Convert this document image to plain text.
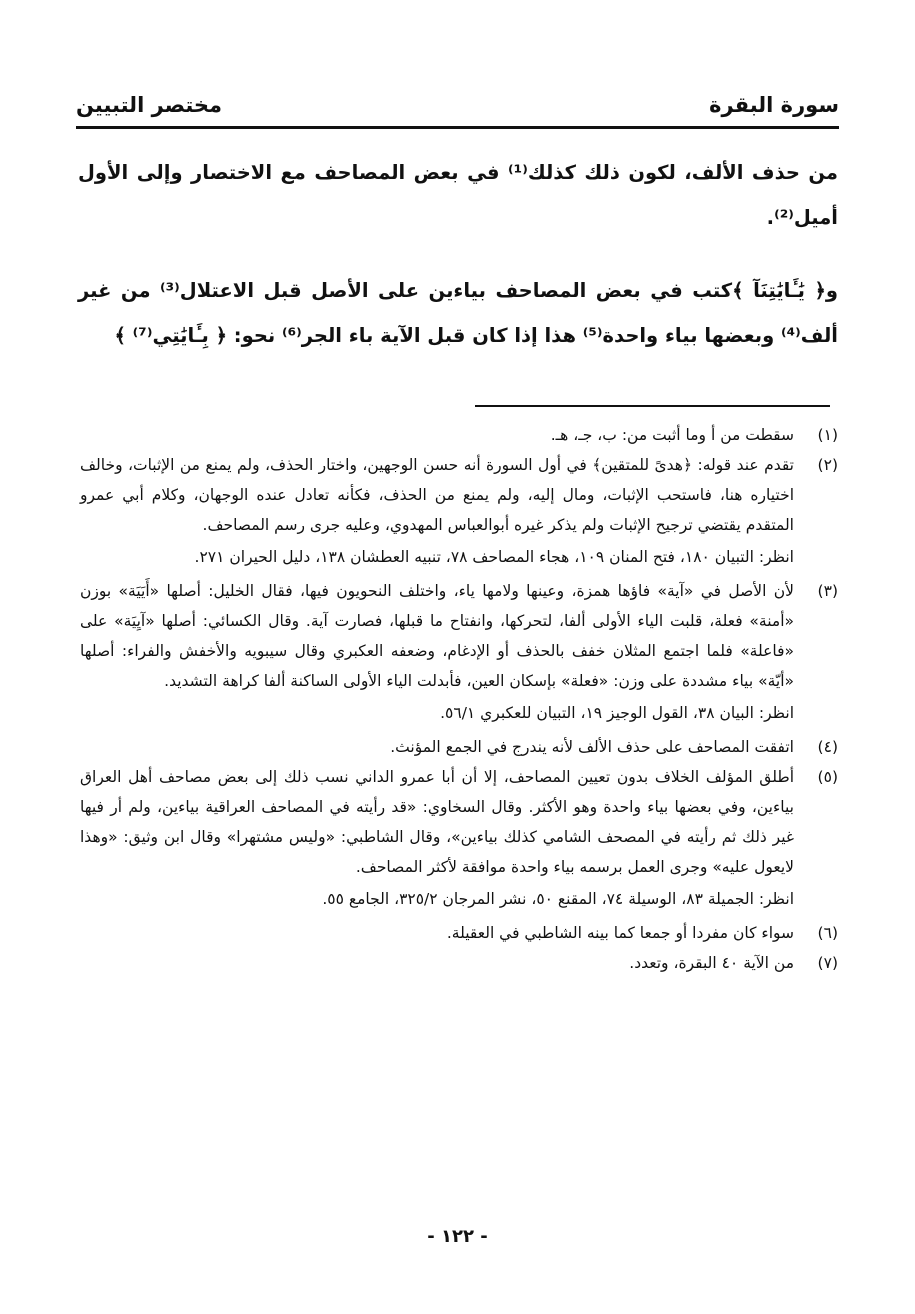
مختصر التبيين	سورة البقرة

من حذف الألف، لكون ذلك كذلك⁽¹⁾ في بعض المصاحف مع الاختصار وإلى الأول أميل⁽²⁾.

و﴿ يَٰـَٔايَٰتِنَآ ﴾كتب في بعض المصاحف بياءين على الأصل قبل الاعتلال⁽³⁾ من غير ألف⁽⁴⁾ وبعضها بياء واحدة⁽⁵⁾ هذا إذا كان قبل الآية باء الجر⁽⁶⁾ نحو: ﴿ بِـَٔايَٰتِي⁽⁷⁾ ﴾

(١)
سقطت من أ وما أثبت من: ب، جـ، هـ.
(٢)
تقدم عند قوله: ﴿هدىً للمتقين﴾ في أول السورة أنه حسن الوجهين، واختار الحذف، ولم يمنع من الإثبات، وخالف اختياره هنا، فاستحب الإثبات، ومال إليه، ولم يمنع من الحذف، فكأنه تعادل عنده الوجهان، وكلام أبي عمرو المتقدم يقتضي ترجيح الإثبات ولم يذكر غيره أبوالعباس المهدوي، وعليه جرى رسم المصاحف.
انظر: التبيان ١٨٠، فتح المنان ١٠٩، هجاء المصاحف ٧٨، تنبيه العطشان ١٣٨، دليل الحيران ٢٧١.
(٣)
لأن الأصل في «آية» فاؤها همزة، وعينها ولامها ياء، واختلف النحويون فيها، فقال الخليل: أصلها «أَيَيَة» بوزن «أمنة» فعلة، قلبت الياء الأولى ألفا، لتحركها، وانفتاح ما قبلها، فصارت آية. وقال الكسائي: أصلها «آيِيَة» على «فاعلة» فلما اجتمع المثلان خفف بالحذف أو الإدغام، وضعفه العكبري وقال سيبويه والأخفش والفراء: أصلها «أيّة» بياء مشددة على وزن: «فعلة» بإسكان العين، فأبدلت الياء الأولى الساكنة ألفا كراهة التشديد.
انظر: البيان ٣٨، القول الوجيز ١٩، التبيان للعكبري ٥٦/١.
(٤)
اتفقت المصاحف على حذف الألف لأنه يندرج في الجمع المؤنث.
(٥)
أطلق المؤلف الخلاف بدون تعيين المصاحف، إلا أن أبا عمرو الداني نسب ذلك إلى بعض مصاحف أهل العراق بياءين، وفي بعضها بياء واحدة وهو الأكثر. وقال السخاوي: «قد رأيته في المصاحف العراقية بياءين، ولم أر فيها غير ذلك ثم رأيته في المصحف الشامي كذلك بياءين»، وقال الشاطبي: «وليس مشتهرا» وقال ابن وثيق: «وهذا لايعول عليه» وجرى العمل برسمه بياء واحدة موافقة لأكثر المصاحف.
انظر: الجميلة ٨٣، الوسيلة ٧٤، المقنع ٥٠، نشر المرجان ٣٢٥/٢، الجامع ٥٥.
(٦)
سواء كان مفردا أو جمعا كما بينه الشاطبي في العقيلة.
(٧)
من الآية ٤٠ البقرة، وتعدد.
- ١٢٢ -
